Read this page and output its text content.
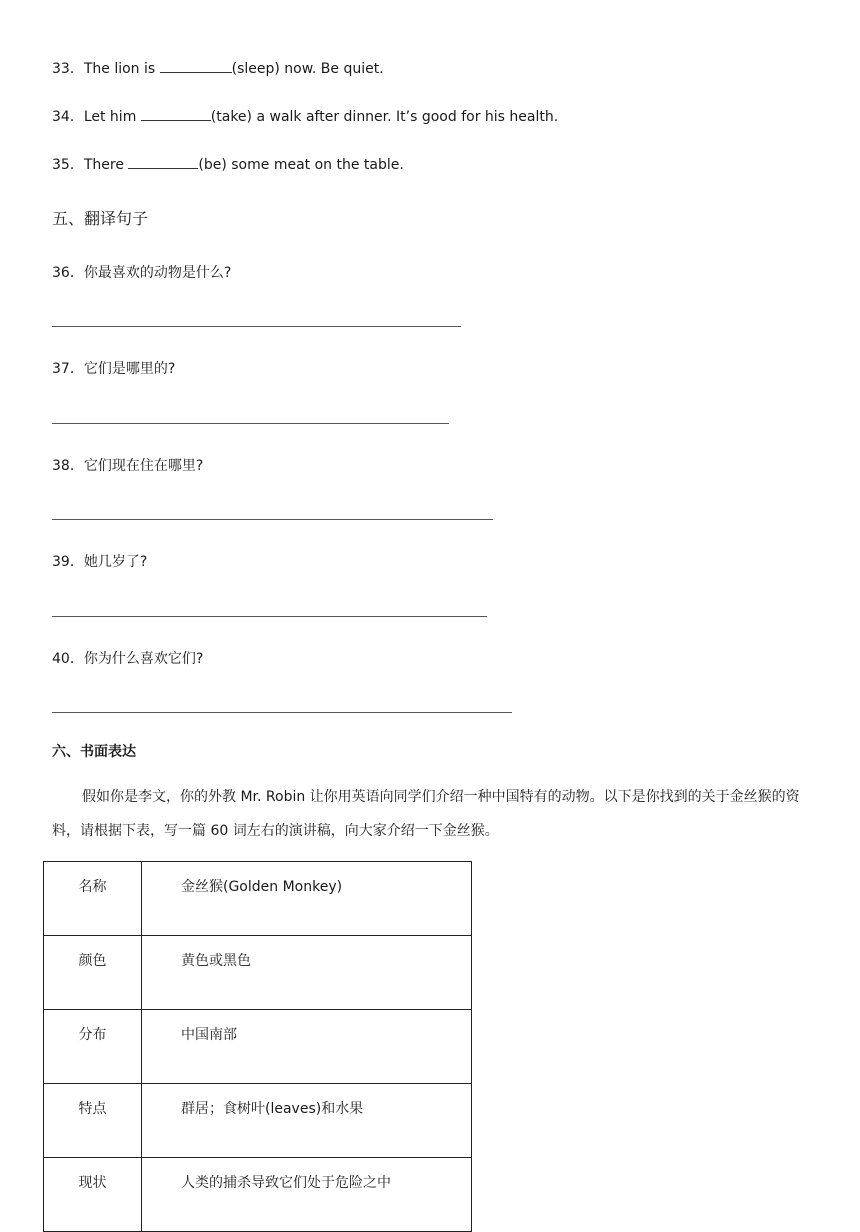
33．The lion is	(sleep) now. Be quiet.
34．Let him	(take) a walk after dinner. It’s good for his health.
35．There	(be) some meat on the table.
五、翻译句子
36．你最喜欢的动物是什么?
37．它们是哪里的?
38．它们现在住在哪里?
39．她几岁了?
40．你为什么喜欢它们?
六、书面表达
假如你是李文，你的外教 Mr. Robin 让你用英语向同学们介绍一种中国特有的动物。以下是你找到的关于金丝猴的资料，请根据下表，写一篇 60 词左右的演讲稿，向大家介绍一下金丝猴。
名称	金丝猴(Golden Monkey)
颜色	黄色或黑色
分布	中国南部
特点	群居；食树叶(leaves)和水果
现状	人类的捕杀导致它们处于危险之中
